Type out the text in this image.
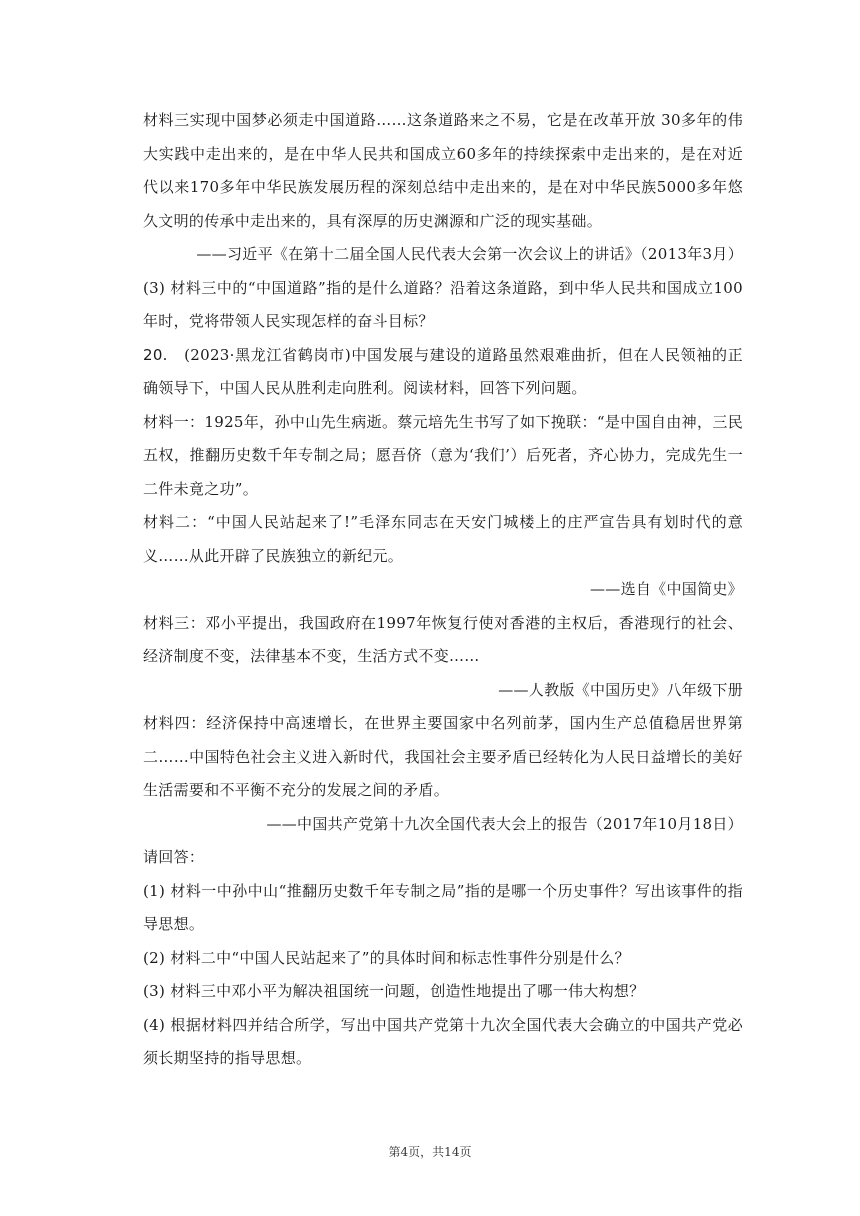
材料三实现中国梦必须走中国道路……这条道路来之不易，它是在改革开放 30多年的伟大实践中走出来的，是在中华人民共和国成立60多年的持续探索中走出来的，是在对近代以来170多年中华民族发展历程的深刻总结中走出来的，是在对中华民族5000多年悠久文明的传承中走出来的，具有深厚的历史渊源和广泛的现实基础。

——习近平《在第十二届全国人民代表大会第一次会议上的讲话》（2013年3月）

(3) 材料三中的“中国道路”指的是什么道路？沿着这条道路，到中华人民共和国成立100年时，党将带领人民实现怎样的奋斗目标？

20. (2023·黑龙江省鹤岗市)中国发展与建设的道路虽然艰难曲折，但在人民领袖的正确领导下，中国人民从胜利走向胜利。阅读材料，回答下列问题。

材料一：1925年，孙中山先生病逝。蔡元培先生书写了如下挽联：“是中国自由神，三民五权，推翻历史数千年专制之局；愿吾侪（意为‘我们’）后死者，齐心协力，完成先生一二件未竟之功”。

材料二：“中国人民站起来了!”毛泽东同志在天安门城楼上的庄严宣告具有划时代的意义……从此开辟了民族独立的新纪元。

——选自《中国简史》

材料三：邓小平提出，我国政府在1997年恢复行使对香港的主权后，香港现行的社会、经济制度不变，法律基本不变，生活方式不变……

——人教版《中国历史》八年级下册

材料四：经济保持中高速增长，在世界主要国家中名列前茅，国内生产总值稳居世界第二……中国特色社会主义进入新时代，我国社会主要矛盾已经转化为人民日益增长的美好生活需要和不平衡不充分的发展之间的矛盾。

——中国共产党第十九次全国代表大会上的报告（2017年10月18日）

请回答：

(1) 材料一中孙中山“推翻历史数千年专制之局”指的是哪一个历史事件？写出该事件的指导思想。

(2) 材料二中“中国人民站起来了”的具体时间和标志性事件分别是什么？

(3) 材料三中邓小平为解决祖国统一问题，创造性地提出了哪一伟大构想？

(4) 根据材料四并结合所学，写出中国共产党第十九次全国代表大会确立的中国共产党必须长期坚持的指导思想。

第4页，共14页
